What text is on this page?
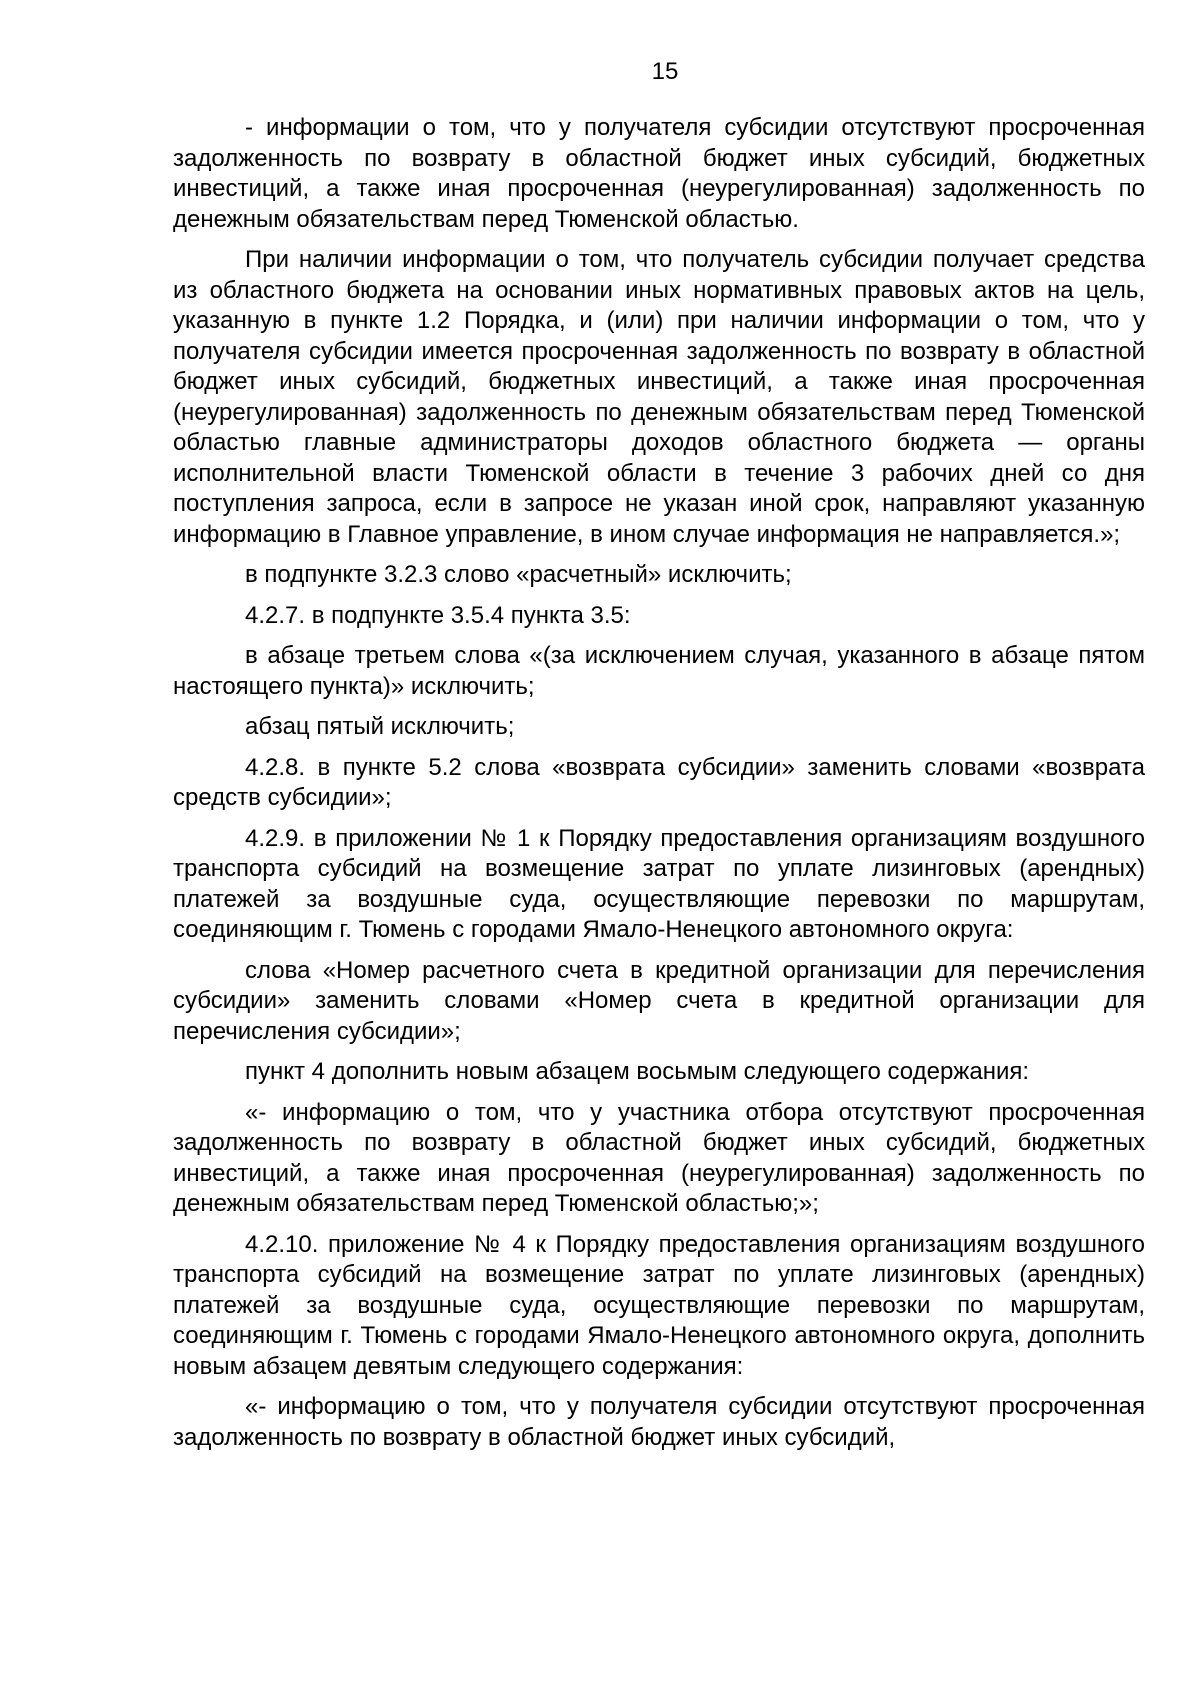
15

- информации о том, что у получателя субсидии отсутствуют просроченная задолженность по возврату в областной бюджет иных субсидий, бюджетных инвестиций, а также иная просроченная (неурегулированная) задолженность по денежным обязательствам перед Тюменской областью.

При наличии информации о том, что получатель субсидии получает средства из областного бюджета на основании иных нормативных правовых актов на цель, указанную в пункте 1.2 Порядка, и (или) при наличии информации о том, что у получателя субсидии имеется просроченная задолженность по возврату в областной бюджет иных субсидий, бюджетных инвестиций, а также иная просроченная (неурегулированная) задолженность по денежным обязательствам перед Тюменской областью главные администраторы доходов областного бюджета — органы исполнительной власти Тюменской области в течение 3 рабочих дней со дня поступления запроса, если в запросе не указан иной срок, направляют указанную информацию в Главное управление, в ином случае информация не направляется.»;

в подпункте 3.2.3 слово «расчетный» исключить;

4.2.7. в подпункте 3.5.4 пункта 3.5:

в абзаце третьем слова «(за исключением случая, указанного в абзаце пятом настоящего пункта)» исключить;

абзац пятый исключить;

4.2.8. в пункте 5.2 слова «возврата субсидии» заменить словами «возврата средств субсидии»;

4.2.9. в приложении № 1 к Порядку предоставления организациям воздушного транспорта субсидий на возмещение затрат по уплате лизинговых (арендных) платежей за воздушные суда, осуществляющие перевозки по маршрутам, соединяющим г. Тюмень с городами Ямало-Ненецкого автономного округа:

слова «Номер расчетного счета в кредитной организации для перечисления субсидии» заменить словами «Номер счета в кредитной организации для перечисления субсидии»;

пункт 4 дополнить новым абзацем восьмым следующего содержания:

«- информацию о том, что у участника отбора отсутствуют просроченная задолженность по возврату в областной бюджет иных субсидий, бюджетных инвестиций, а также иная просроченная (неурегулированная) задолженность по денежным обязательствам перед Тюменской областью;»;

4.2.10. приложение № 4 к Порядку предоставления организациям воздушного транспорта субсидий на возмещение затрат по уплате лизинговых (арендных) платежей за воздушные суда, осуществляющие перевозки по маршрутам, соединяющим г. Тюмень с городами Ямало-Ненецкого автономного округа, дополнить новым абзацем девятым следующего содержания:

«- информацию о том, что у получателя субсидии отсутствуют просроченная задолженность по возврату в областной бюджет иных субсидий,
